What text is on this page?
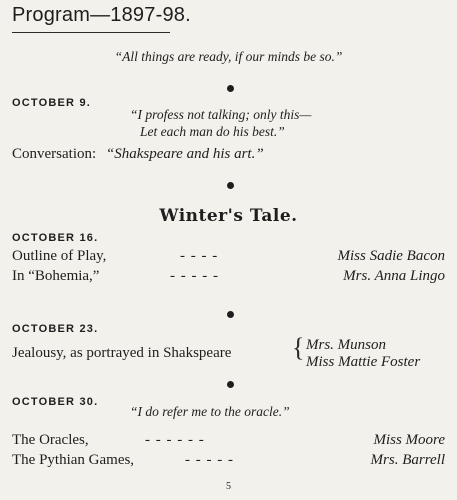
Program—1897-98.
“All things are ready, if our minds be so.”
OCTOBER 9.
“I profess not talking; only this—
Let each man do his best.”
Conversation: “Shakspeare and his art.”
Winter's Tale.
OCTOBER 16.
Outline of Play,	- - - -	Miss Sadie Bacon
In “Bohemia,”	- - - - -	Mrs. Anna Lingo
OCTOBER 23.
Jealousy, as portrayed in Shakspeare { Mrs. Munson
Miss Mattie Foster
OCTOBER 30.
“I do refer me to the oracle.”
The Oracles,	- - - - - -	Miss Moore
The Pythian Games,	- - - - -	Mrs. Barrell
5
